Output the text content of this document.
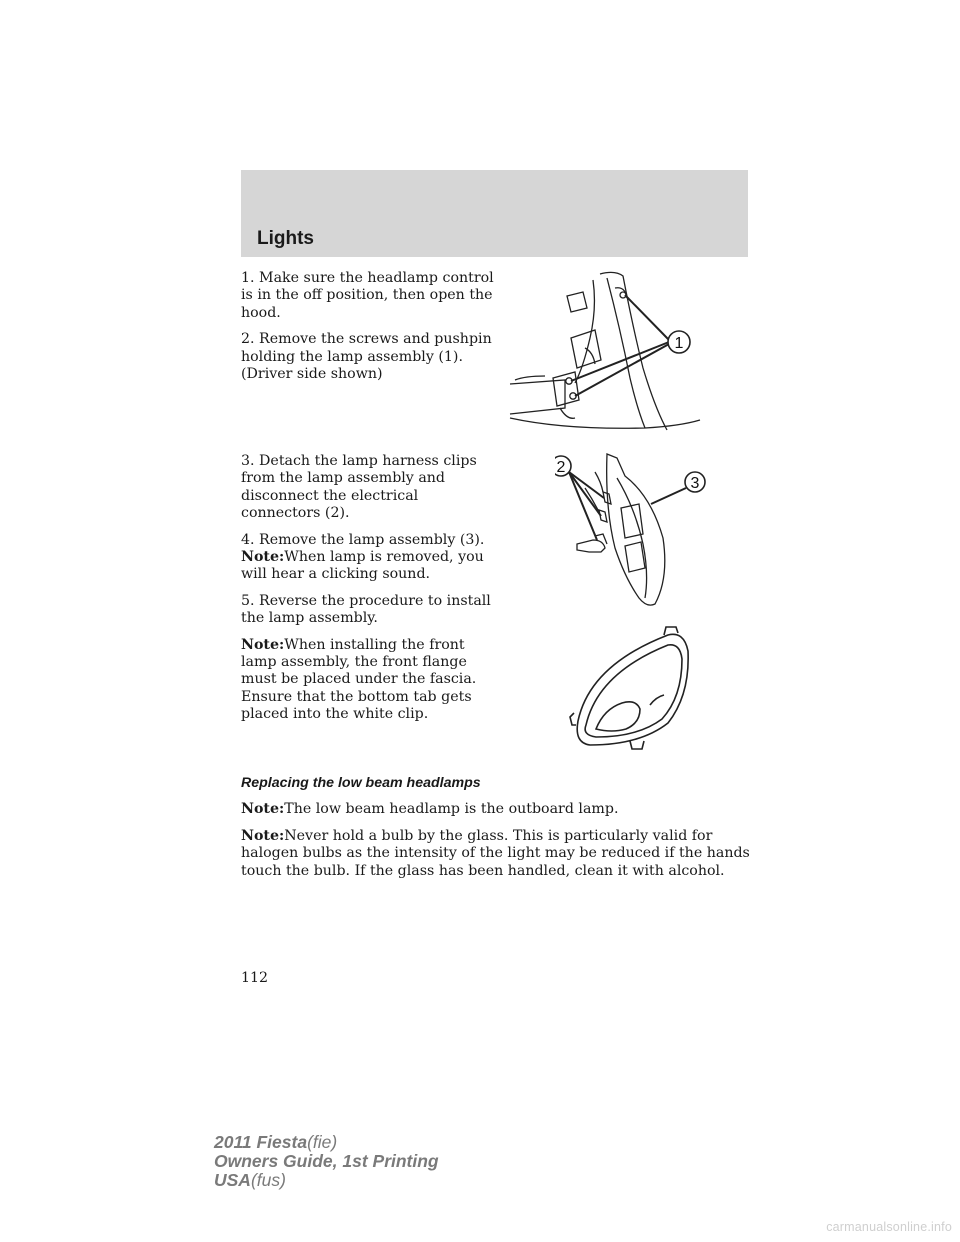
Lights

1. Make sure the headlamp control is in the off position, then open the hood.

2. Remove the screws and pushpin holding the lamp assembly (1). (Driver side shown)

3. Detach the lamp harness clips from the lamp assembly and disconnect the electrical connectors (2).

4. Remove the lamp assembly (3).
Note:When lamp is removed, you will hear a clicking sound.

5. Reverse the procedure to install the lamp assembly.

Note:When installing the front lamp assembly, the front flange must be placed under the fascia. Ensure that the bottom tab gets placed into the white clip.

1
2
3

Replacing the low beam headlamps

Note:The low beam headlamp is the outboard lamp.

Note:Never hold a bulb by the glass. This is particularly valid for halogen bulbs as the intensity of the light may be reduced if the hands touch the bulb. If the glass has been handled, clean it with alcohol.

112
2011 Fiesta(fie)
Owners Guide, 1st Printing
USA(fus)
carmanualsonline.info
